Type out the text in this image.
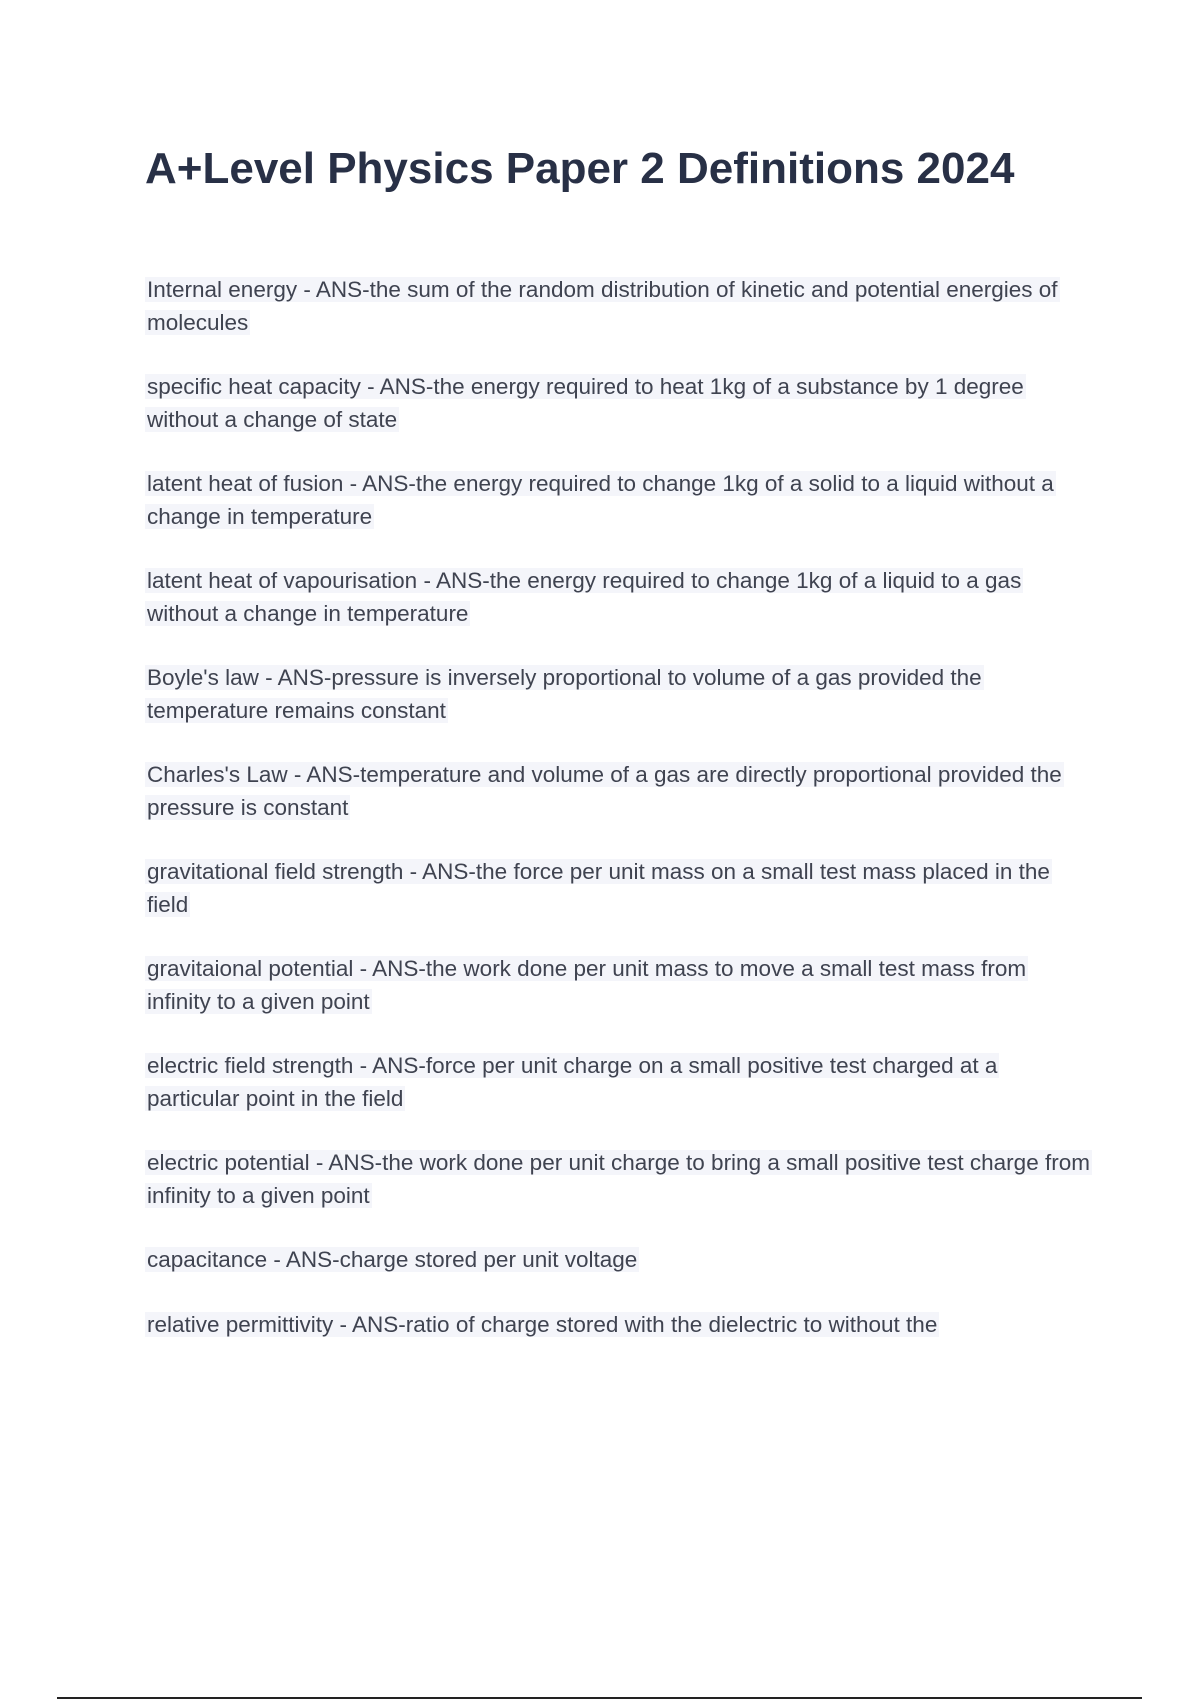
A+Level Physics Paper 2 Definitions 2024
Internal energy - ANS-the sum of the random distribution of kinetic and potential energies of molecules
specific heat capacity - ANS-the energy required to heat 1kg of a substance by 1 degree without a change of state
latent heat of fusion - ANS-the energy required to change 1kg of a solid to a liquid without a change in temperature
latent heat of vapourisation - ANS-the energy required to change 1kg of a liquid to a gas without a change in temperature
Boyle's law - ANS-pressure is inversely proportional to volume of a gas provided the temperature remains constant
Charles's Law - ANS-temperature and volume of a gas are directly proportional provided the pressure is constant
gravitational field strength - ANS-the force per unit mass on a small test mass placed in the field
gravitaional potential - ANS-the work done per unit mass to move a small test mass from infinity to a given point
electric field strength - ANS-force per unit charge on a small positive test charged at a particular point in the field
electric potential - ANS-the work done per unit charge to bring a small positive test charge from infinity to a given point
capacitance - ANS-charge stored per unit voltage
relative permittivity - ANS-ratio of charge stored with the dielectric to without the
